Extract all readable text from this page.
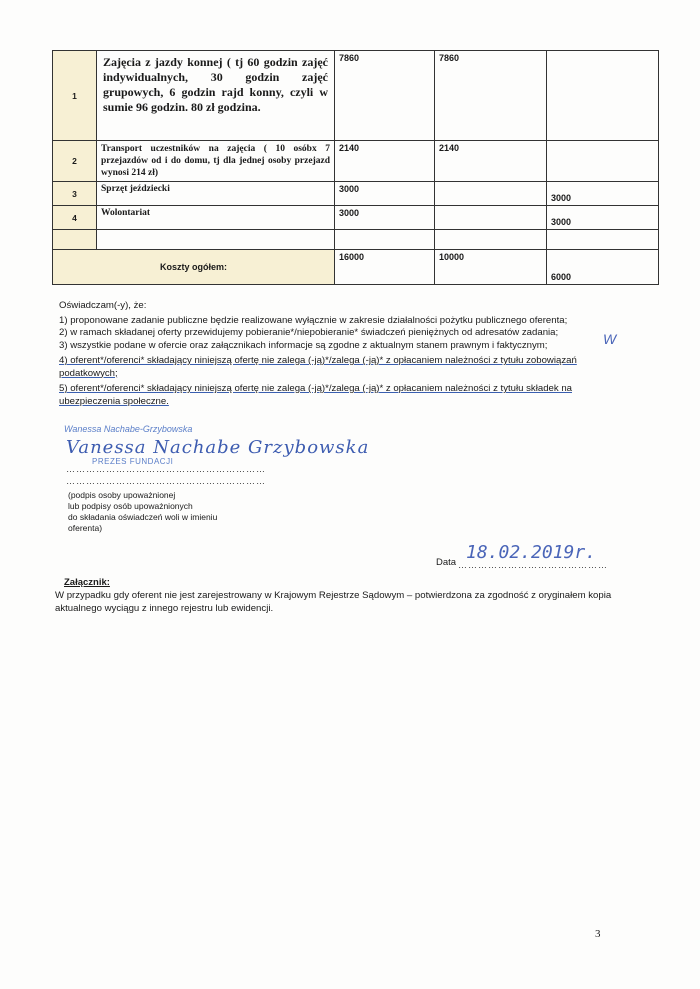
1	Zajęcia z jazdy konnej ( tj 60 godzin zajęć indywidualnych, 30 godzin zajęć grupowych, 6 godzin rajd konny, czyli w sumie 96 godzin. 80 zł godzina.	7860	7860	
2	Transport uczestników na zajęcia ( 10 osóbx 7 przejazdów od i do domu, tj dla jednej osoby przejazd wynosi 214 zł)	2140	2140	
3	Sprzęt jeździecki	3000		3000
4	Wolontariat	3000		3000

Koszty ogółem:		16000	10000	6000
Oświadczam(-y), że:

1) proponowane zadanie publiczne będzie realizowane wyłącznie w zakresie działalności pożytku publicznego oferenta;

2) w ramach składanej oferty przewidujemy pobieranie*/niepobieranie* świadczeń pieniężnych od adresatów zadania;

3) wszystkie podane w ofercie oraz załącznikach informacje są zgodne z aktualnym stanem prawnym i faktycznym;

4) oferent*/oferenci* składający niniejszą ofertę nie zalega (-ją)*/zalega (-ją)* z opłacaniem należności z tytułu zobowiązań podatkowych;

5) oferent*/oferenci* składający niniejszą ofertę nie zalega (-ją)*/zalega (-ją)* z opłacaniem należności z tytułu składek na ubezpieczenia społeczne.

W
Wanessa Nachabe-Grzybowska
Vanessa Nachabe Grzybowska
PREZES FUNDACJI
……………………………………………………
……………………………………………………
(podpis osoby upoważnionej
lub podpisy osób upoważnionych
do składania oświadczeń woli w imieniu
oferenta)
Data 18.02.2019r.
………………………………………
Załącznik:
W przypadku gdy oferent nie jest zarejestrowany w Krajowym Rejestrze Sądowym – potwierdzona za zgodność z oryginałem kopia aktualnego wyciągu z innego rejestru lub ewidencji.
3
